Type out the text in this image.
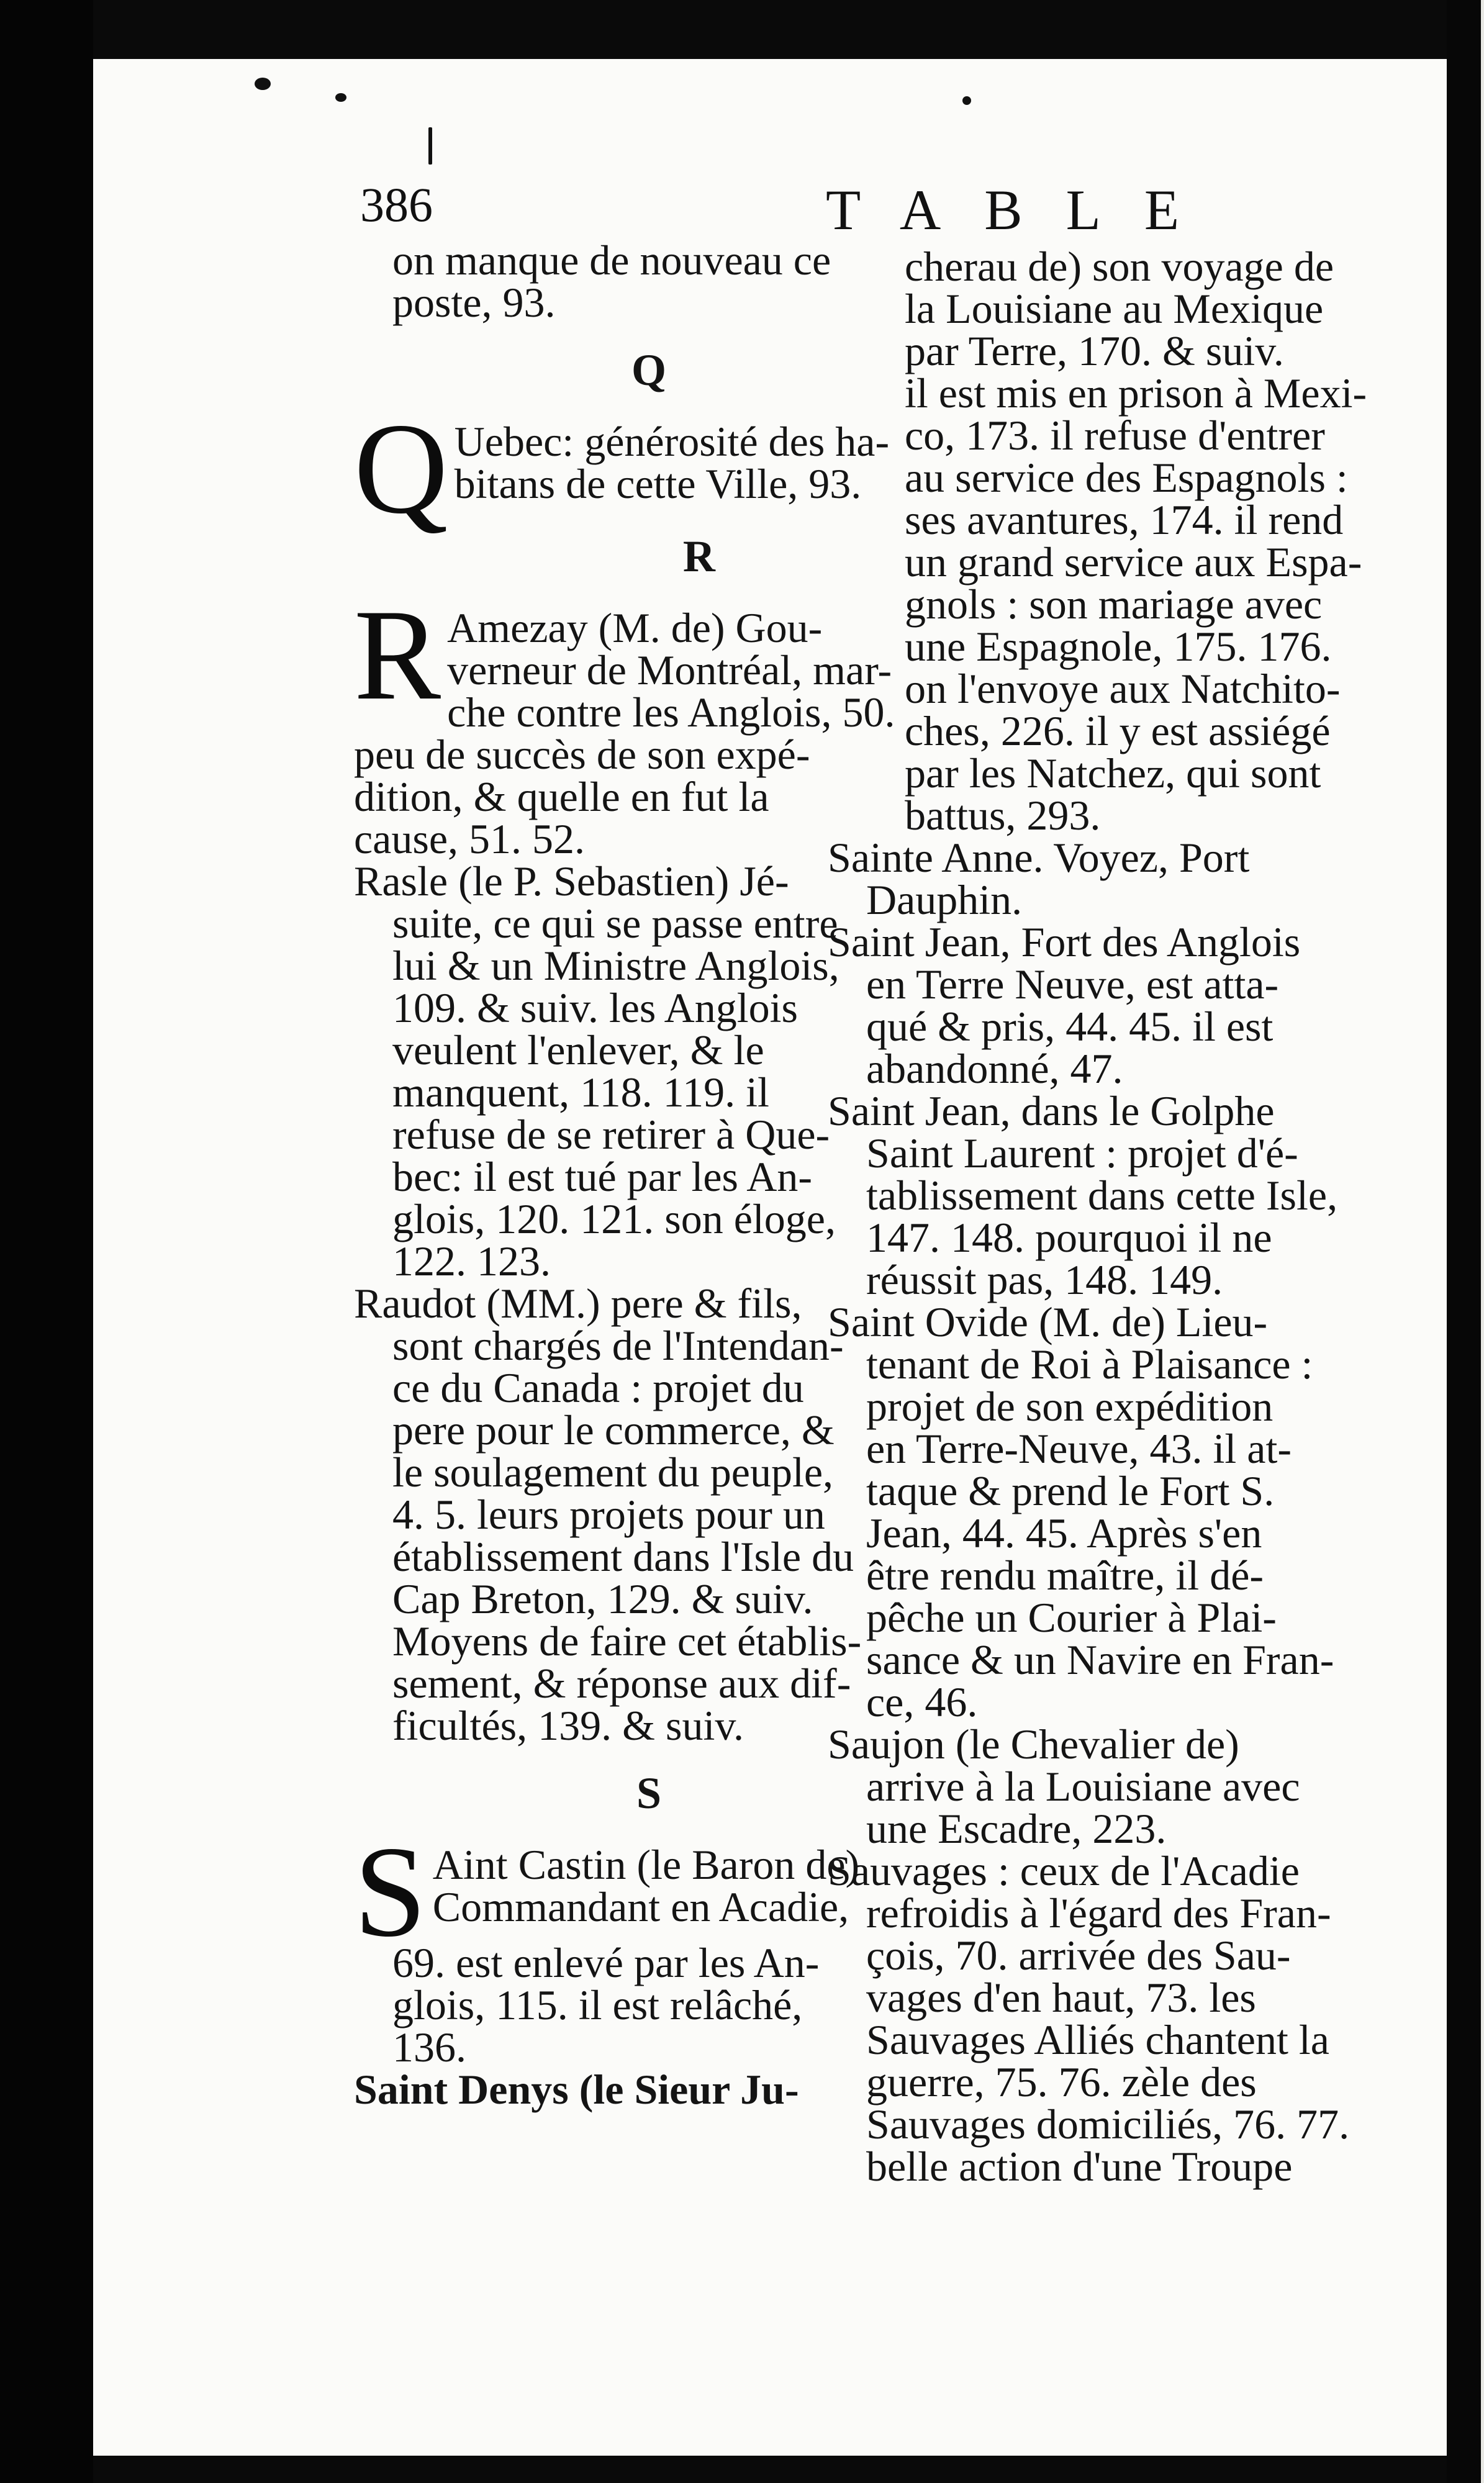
386	TABLE
on manque de nouveau ce
poste, 93.
Q
Q Uebec: générosité des ha-
bitans de cette Ville, 93.
R
R Amezay (M. de) Gou-
verneur de Montréal, mar-
che contre les Anglois, 50.
peu de succès de son expé-
dition, & quelle en fut la
cause, 51. 52.
Rasle (le P. Sebastien) Jé-
suite, ce qui se passe entre
lui & un Ministre Anglois,
109. & suiv. les Anglois
veulent l'enlever, & le
manquent, 118. 119. il
refuse de se retirer à Que-
bec: il est tué par les An-
glois, 120. 121. son éloge,
122. 123.
Raudot (MM.) pere & fils,
sont chargés de l'Intendan-
ce du Canada : projet du
pere pour le commerce, &
le soulagement du peuple,
4. 5. leurs projets pour un
établissement dans l'Isle du
Cap Breton, 129. & suiv.
Moyens de faire cet établis-
sement, & réponse aux dif-
ficultés, 139. & suiv.
S
S Aint Castin (le Baron de)
Commandant en Acadie,
69. est enlevé par les An-
glois, 115. il est relâché,
136.
Saint Denys (le Sieur Ju-
cherau de) son voyage de
la Louisiane au Mexique
par Terre, 170. & suiv.
il est mis en prison à Mexi-
co, 173. il refuse d'entrer
au service des Espagnols :
ses avantures, 174. il rend
un grand service aux Espa-
gnols : son mariage avec
une Espagnole, 175. 176.
on l'envoye aux Natchito-
ches, 226. il y est assiégé
par les Natchez, qui sont
battus, 293.
Sainte Anne. Voyez, Port
Dauphin.
Saint Jean, Fort des Anglois
en Terre Neuve, est atta-
qué & pris, 44. 45. il est
abandonné, 47.
Saint Jean, dans le Golphe
Saint Laurent : projet d'é-
tablissement dans cette Isle,
147. 148. pourquoi il ne
réussit pas, 148. 149.
Saint Ovide (M. de) Lieu-
tenant de Roi à Plaisance :
projet de son expédition
en Terre-Neuve, 43. il at-
taque & prend le Fort S.
Jean, 44. 45. Après s'en
être rendu maître, il dé-
pêche un Courier à Plai-
sance & un Navire en Fran-
ce, 46.
Saujon (le Chevalier de)
arrive à la Louisiane avec
une Escadre, 223.
Sauvages : ceux de l'Acadie
refroidis à l'égard des Fran-
çois, 70. arrivée des Sau-
vages d'en haut, 73. les
Sauvages Alliés chantent la
guerre, 75. 76. zèle des
Sauvages domiciliés, 76. 77.
belle action d'une Troupe
